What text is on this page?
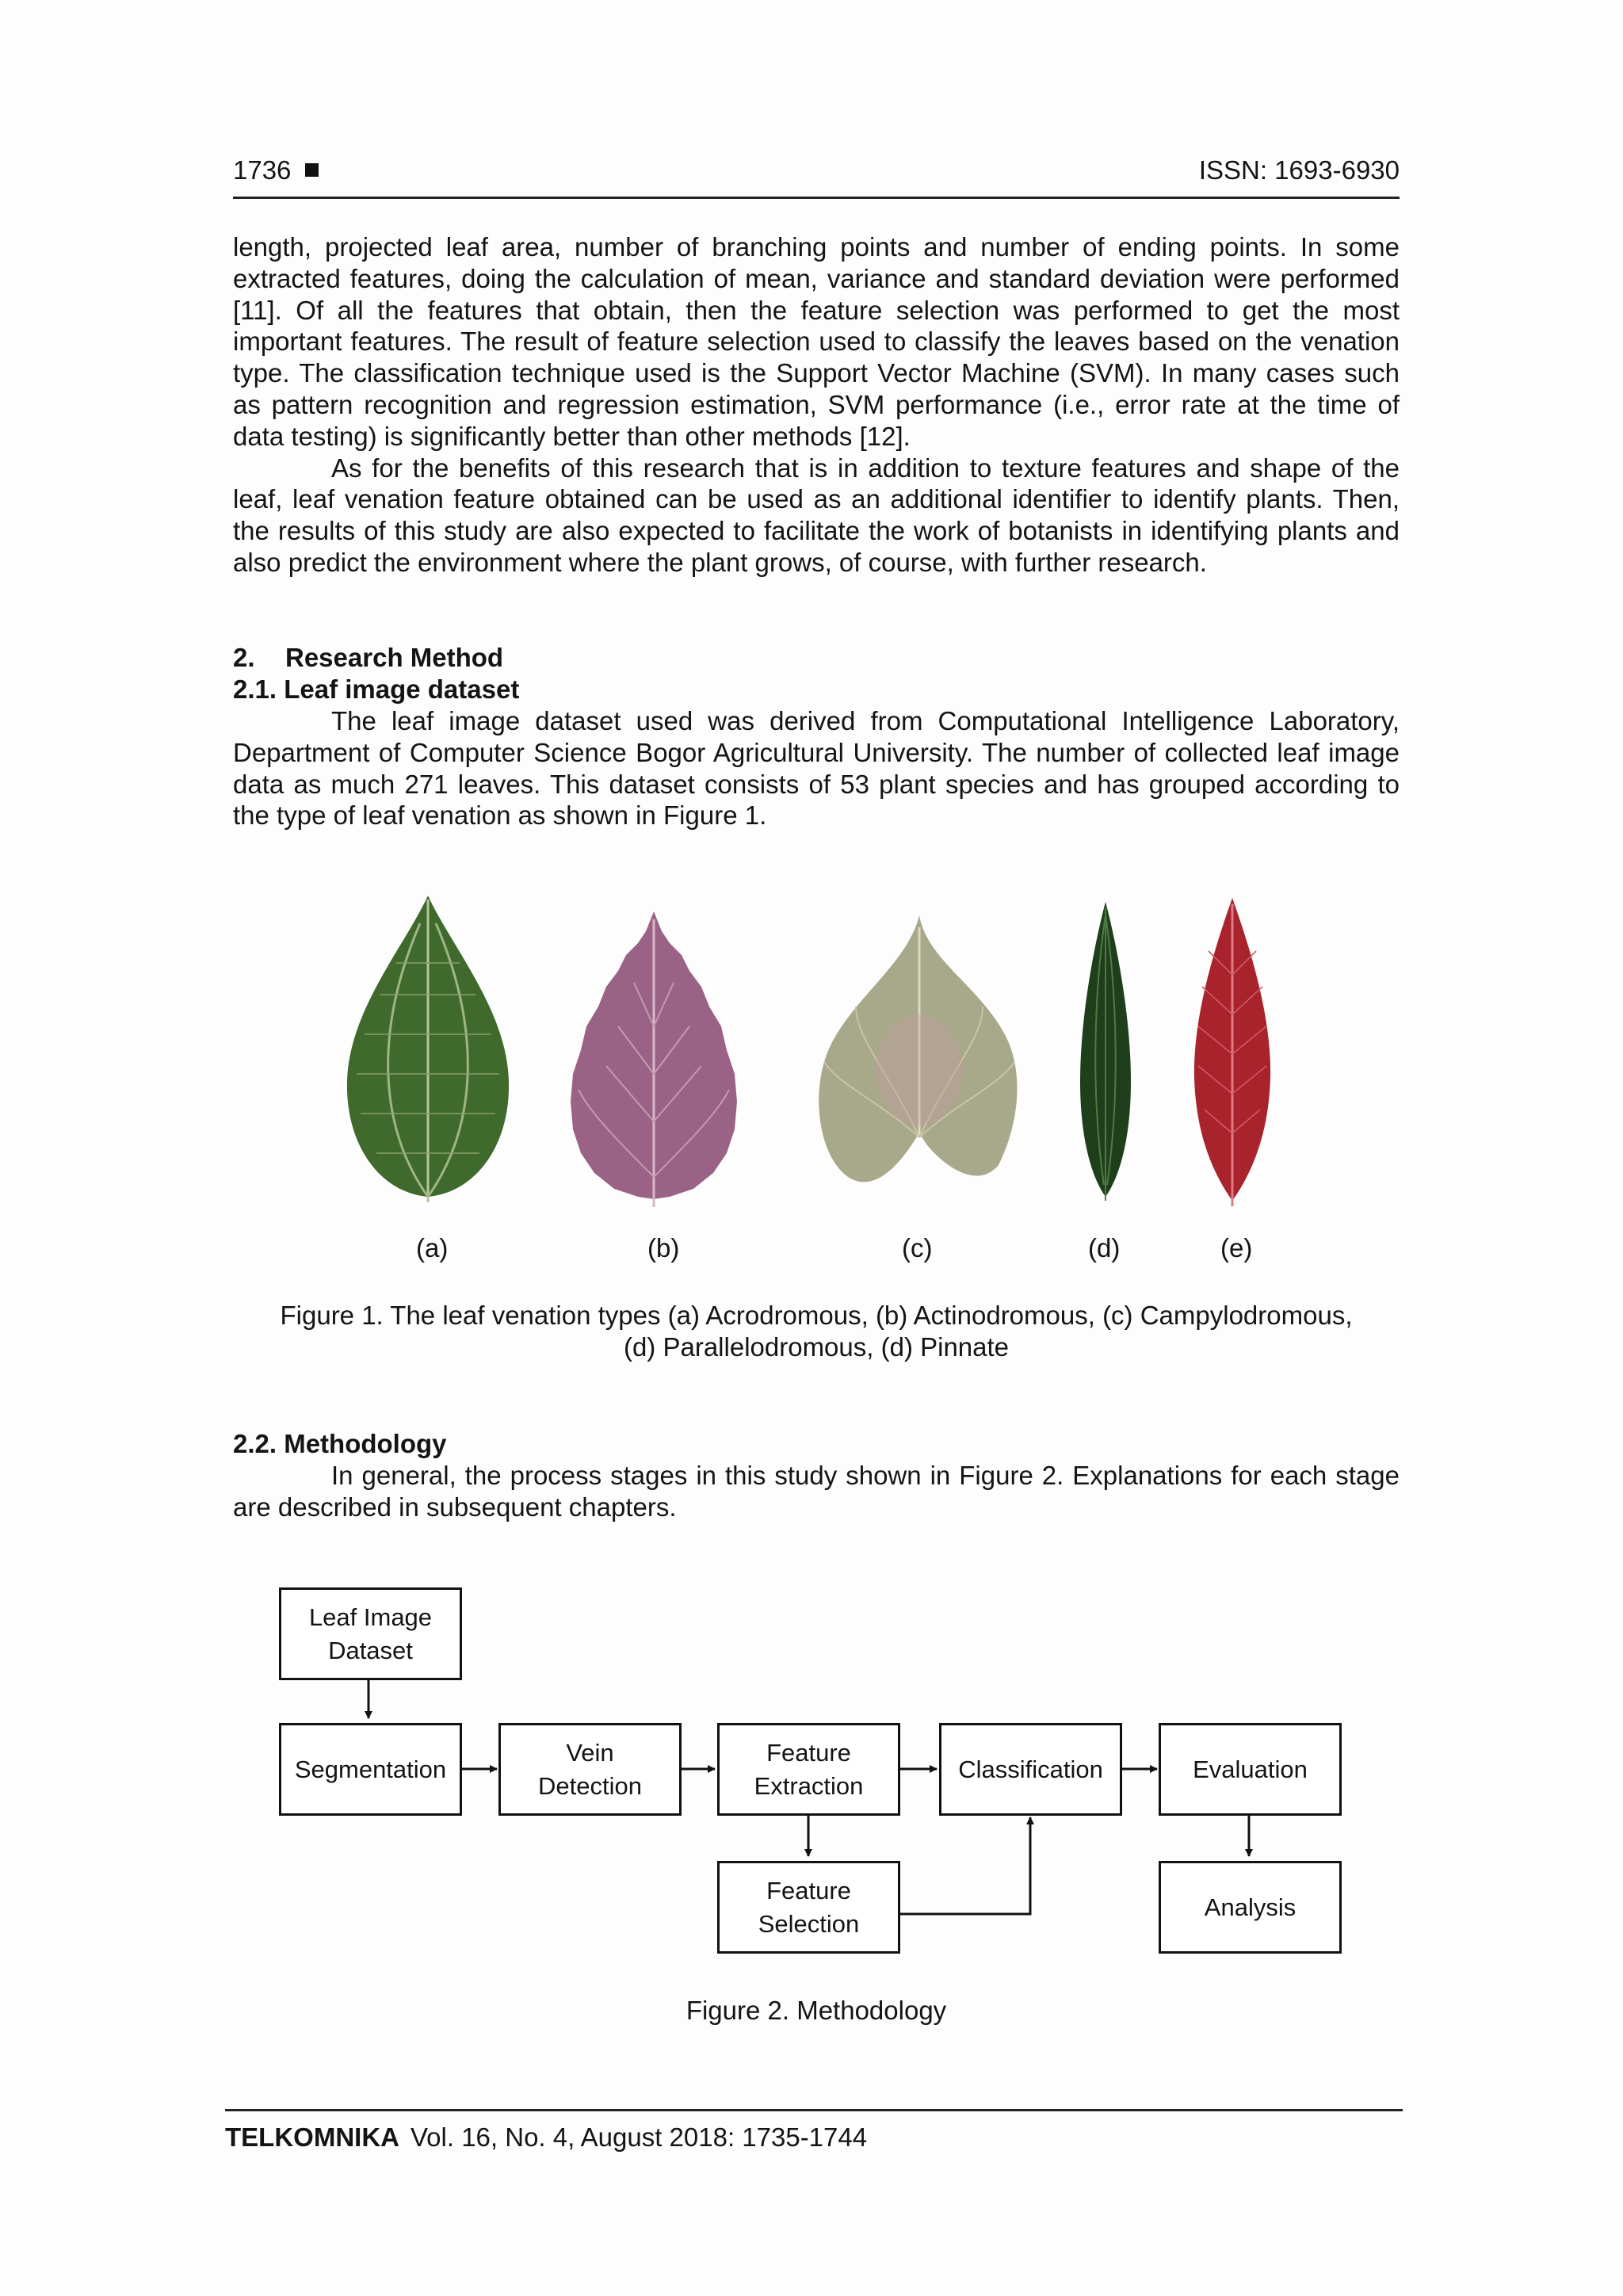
1736	ISSN: 1693-6930

length, projected leaf area, number of branching points and number of ending points. In some extracted features, doing the calculation of mean, variance and standard deviation were performed [11]. Of all the features that obtain, then the feature selection was performed to get the most important features. The result of feature selection used to classify the leaves based on the venation type. The classification technique used is the Support Vector Machine (SVM). In many cases such as pattern recognition and regression estimation, SVM performance (i.e., error rate at the time of data testing) is significantly better than other methods [12].

As for the benefits of this research that is in addition to texture features and shape of the leaf, leaf venation feature obtained can be used as an additional identifier to identify plants. Then, the results of this study are also expected to facilitate the work of botanists in identifying plants and also predict the environment where the plant grows, of course, with further research.

2. Research Method
2.1. Leaf image dataset

The leaf image dataset used was derived from Computational Intelligence Laboratory, Department of Computer Science Bogor Agricultural University. The number of collected leaf image data as much 271 leaves. This dataset consists of 53 plant species and has grouped according to the type of leaf venation as shown in Figure 1.

(a)	(b)	(c)	(d)	(e)
Figure 1. The leaf venation types (a) Acrodromous, (b) Actinodromous, (c) Campylodromous,
(d) Parallelodromous, (d) Pinnate
2.2. Methodology

In general, the process stages in this study shown in Figure 2. Explanations for each stage are described in subsequent chapters.

Leaf Image
Dataset
Segmentation
Vein
Detection
Feature
Extraction
Classification	Evaluation
Feature
Selection
Analysis
Figure 2. Methodology
TELKOMNIKA Vol. 16, No. 4, August 2018: 1735-1744
